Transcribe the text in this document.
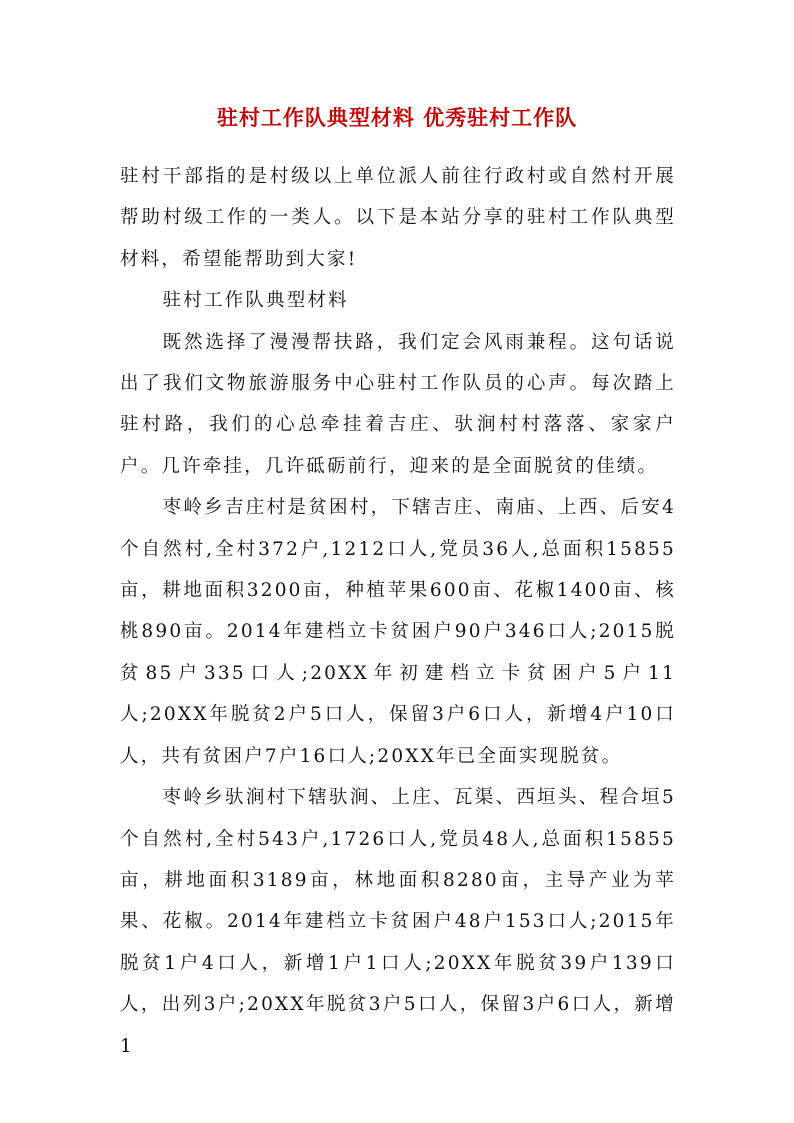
驻村工作队典型材料 优秀驻村工作队

驻村干部指的是村级以上单位派人前往行政村或自然村开展帮助村级工作的一类人。以下是本站分享的驻村工作队典型材料，希望能帮助到大家!

驻村工作队典型材料

既然选择了漫漫帮扶路，我们定会风雨兼程。这句话说出了我们文物旅游服务中心驻村工作队员的心声。每次踏上驻村路，我们的心总牵挂着吉庄、驮涧村村落落、家家户户。几许牵挂，几许砥砺前行，迎来的是全面脱贫的佳绩。

枣岭乡吉庄村是贫困村，下辖吉庄、南庙、上西、后安4个自然村,全村372户,1212口人,党员36人,总面积15855亩，耕地面积3200亩，种植苹果600亩、花椒1400亩、核桃890亩。2014年建档立卡贫困户90户346口人;2015脱贫85户335口人;20XX年初建档立卡贫困户5户11人;20XX年脱贫2户5口人，保留3户6口人，新增4户10口人，共有贫困户7户16口人;20XX年已全面实现脱贫。

枣岭乡驮涧村下辖驮涧、上庄、瓦渠、西垣头、程合垣5个自然村,全村543户,1726口人,党员48人,总面积15855亩，耕地面积3189亩，林地面积8280亩，主导产业为苹果、花椒。2014年建档立卡贫困户48户153口人;2015年脱贫1户4口人，新增1户1口人;20XX年脱贫39户139口人，出列3户;20XX年脱贫3户5口人，保留3户6口人，新增1
